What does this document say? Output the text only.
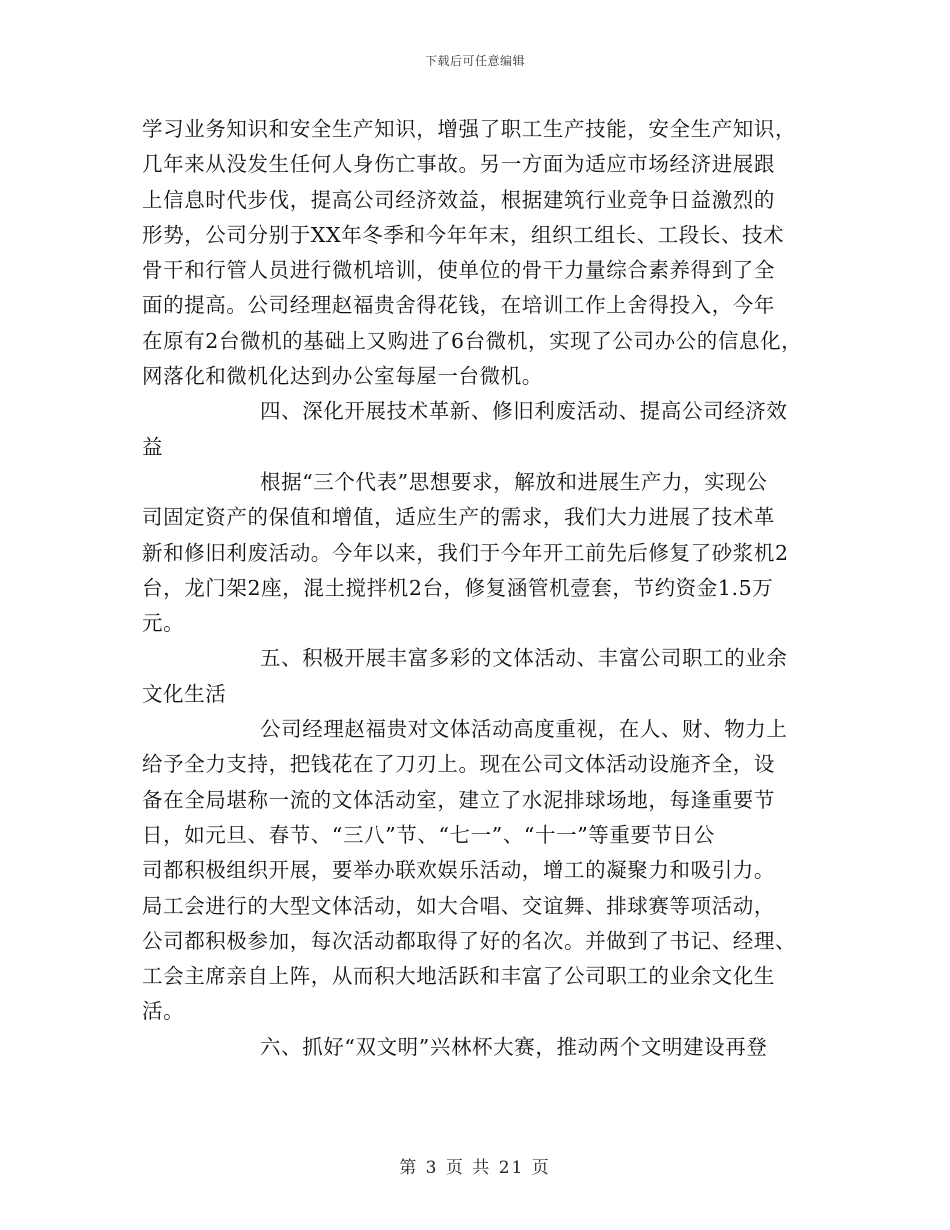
下载后可任意编辑
学习业务知识和安全生产知识，增强了职工生产技能，安全生产知识，
几年来从没发生任何人身伤亡事故。另一方面为适应市场经济进展跟
上信息时代步伐，提高公司经济效益，根据建筑行业竞争日益激烈的
形势，公司分别于XX年冬季和今年年末，组织工组长、工段长、技术
骨干和行管人员进行微机培训，使单位的骨干力量综合素养得到了全
面的提高。公司经理赵福贵舍得花钱，在培训工作上舍得投入，今年
在原有2台微机的基础上又购进了6台微机，实现了公司办公的信息化，
网落化和微机化达到办公室每屋一台微机。
四、深化开展技术革新、修旧利废活动、提高公司经济效
益
根据“三个代表”思想要求，解放和进展生产力，实现公
司固定资产的保值和增值，适应生产的需求，我们大力进展了技术革
新和修旧利废活动。今年以来，我们于今年开工前先后修复了砂浆机2
台，龙门架2座，混土搅拌机2台，修复涵管机壹套，节约资金1.5万
元。
五、积极开展丰富多彩的文体活动、丰富公司职工的业余
文化生活
公司经理赵福贵对文体活动高度重视，在人、财、物力上
给予全力支持，把钱花在了刀刃上。现在公司文体活动设施齐全，设
备在全局堪称一流的文体活动室，建立了水泥排球场地，每逢重要节
日，如元旦、春节、“三八”节、“七一”、“十一”等重要节日公
司都积极组织开展，要举办联欢娱乐活动，增工的凝聚力和吸引力。
局工会进行的大型文体活动，如大合唱、交谊舞、排球赛等项活动，
公司都积极参加，每次活动都取得了好的名次。并做到了书记、经理、
工会主席亲自上阵，从而积大地活跃和丰富了公司职工的业余文化生
活。
六、抓好“双文明”兴林杯大赛，推动两个文明建设再登
第 3 页 共 21 页
